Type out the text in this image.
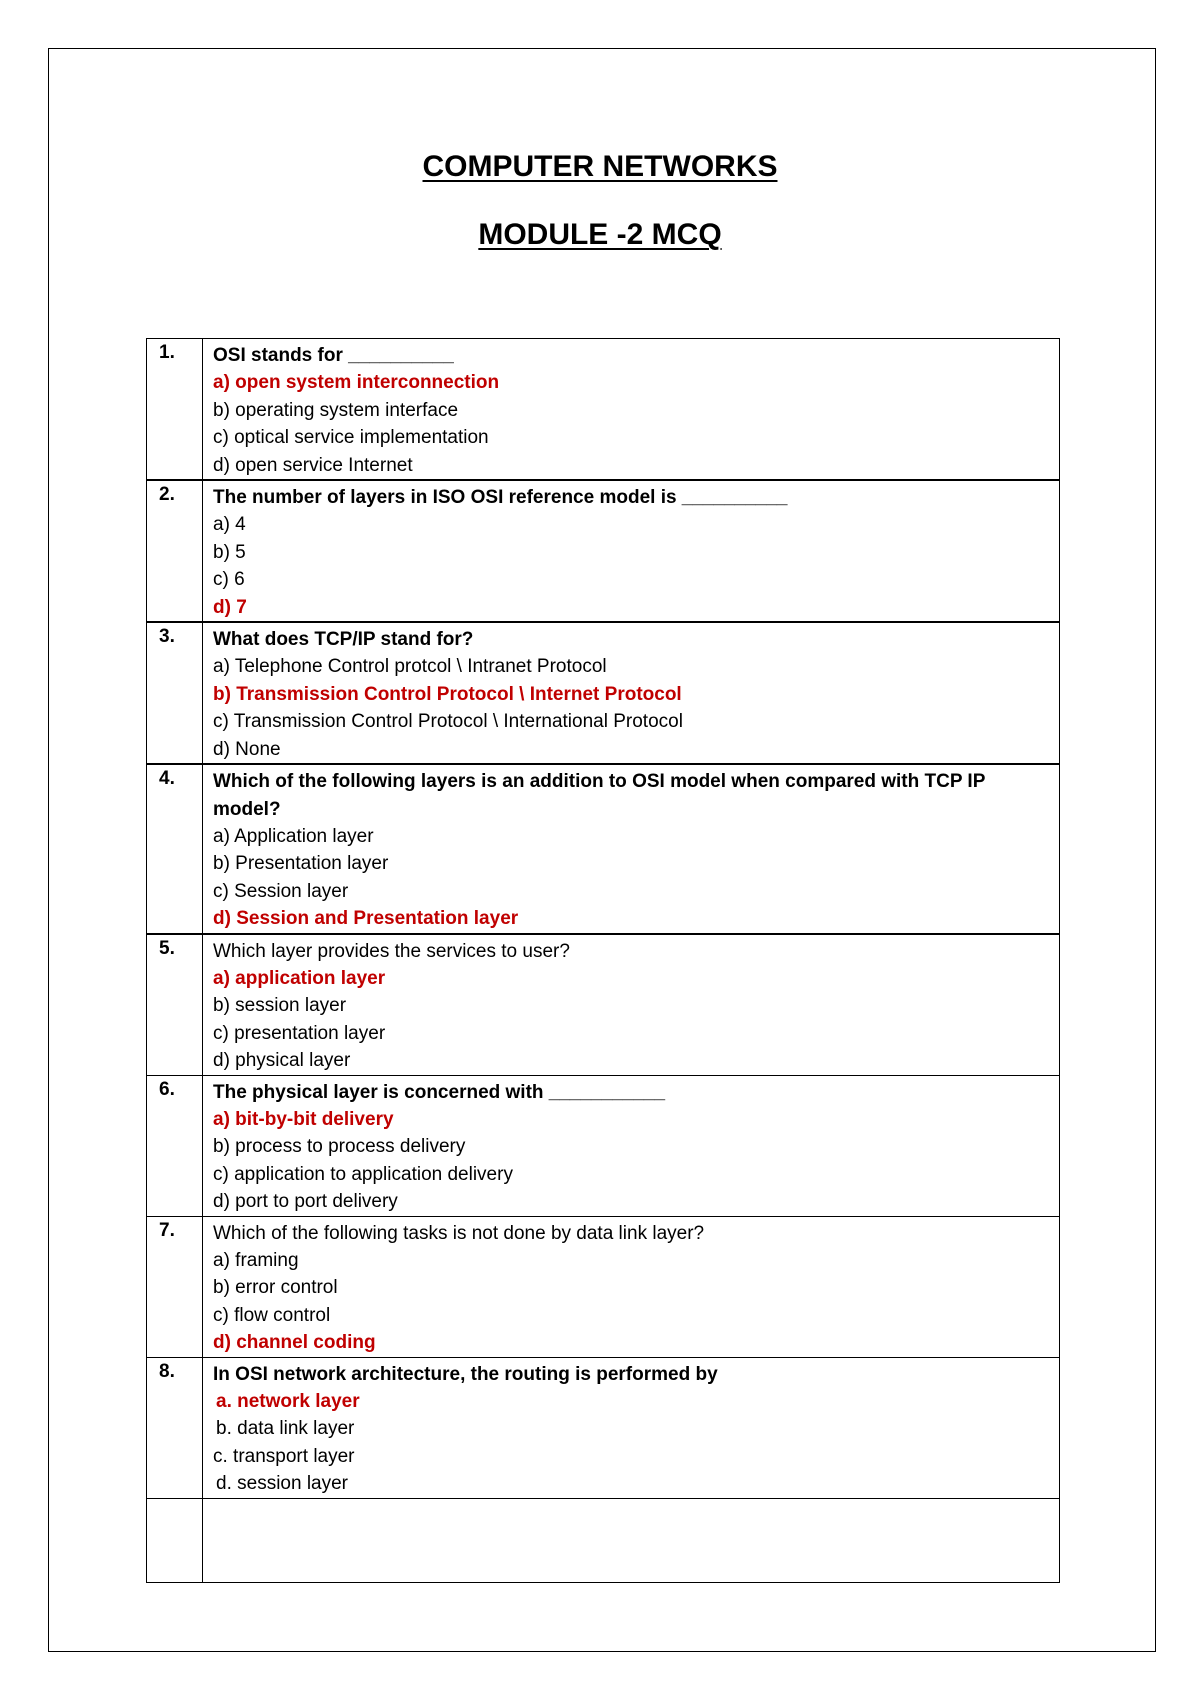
COMPUTER NETWORKS
MODULE -2 MCQ
1.	OSI stands for __________
a) open system interconnection
b) operating system interface
c) optical service implementation
d) open service Internet

2.	The number of layers in ISO OSI reference model is __________
a) 4
b) 5
c) 6
d) 7

3.	What does TCP/IP stand for?
a) Telephone Control protcol \ Intranet Protocol
b) Transmission Control Protocol \ Internet Protocol
c) Transmission Control Protocol \ International Protocol
d) None

4.	Which of the following layers is an addition to OSI model when compared with TCP IP model?
a) Application layer
b) Presentation layer
c) Session layer
d) Session and Presentation layer

5.	Which layer provides the services to user?
a) application layer
b) session layer
c) presentation layer
d) physical layer

6.	The physical layer is concerned with ___________
a) bit-by-bit delivery
b) process to process delivery
c) application to application delivery
d) port to port delivery

7.	Which of the following tasks is not done by data link layer?
a) framing
b) error control
c) flow control
d) channel coding

8.	In OSI network architecture, the routing is performed by
a. network layer
b. data link layer
c. transport layer
d. session layer
